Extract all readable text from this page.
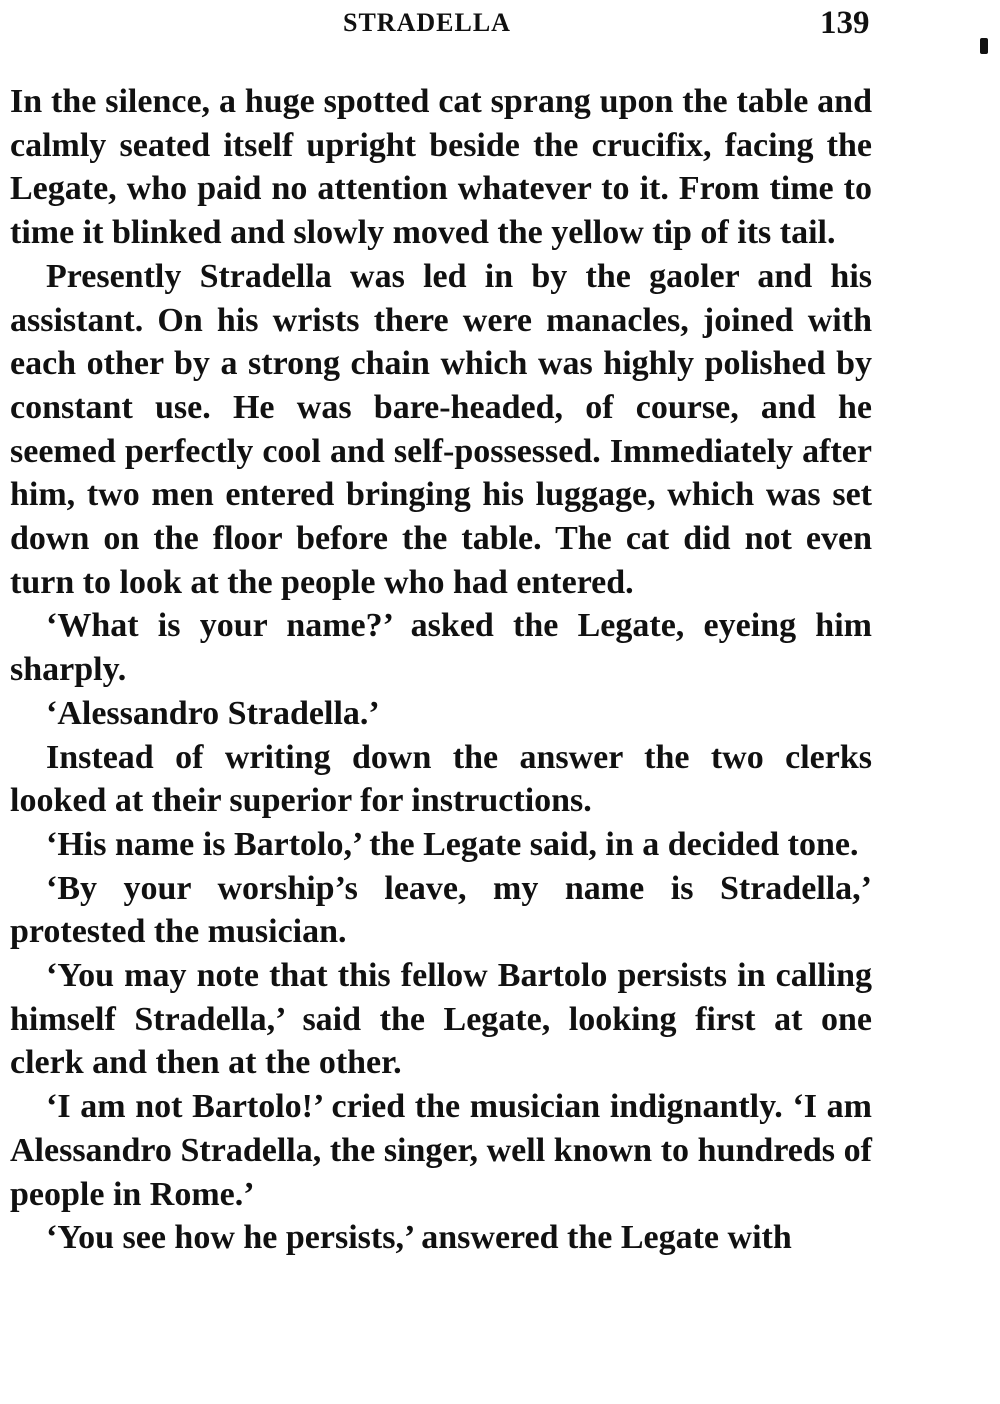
STRADELLA	139

In the silence, a huge spotted cat sprang upon the table and calmly seated itself upright beside the crucifix, facing the Legate, who paid no attention whatever to it. From time to time it blinked and slowly moved the yellow tip of its tail.

Presently Stradella was led in by the gaoler and his assistant. On his wrists there were manacles, joined with each other by a strong chain which was highly polished by constant use. He was bare-headed, of course, and he seemed perfectly cool and self-possessed. Immediately after him, two men entered bringing his luggage, which was set down on the floor before the table. The cat did not even turn to look at the people who had entered.

‘What is your name?’ asked the Legate, eyeing him sharply.

‘Alessandro Stradella.’

Instead of writing down the answer the two clerks looked at their superior for instructions.

‘His name is Bartolo,’ the Legate said, in a decided tone.

‘By your worship’s leave, my name is Stradella,’ protested the musician.

‘You may note that this fellow Bartolo persists in calling himself Stradella,’ said the Legate, looking first at one clerk and then at the other.

‘I am not Bartolo!’ cried the musician indignantly. ‘I am Alessandro Stradella, the singer, well known to hundreds of people in Rome.’

‘You see how he persists,’ answered the Legate with
